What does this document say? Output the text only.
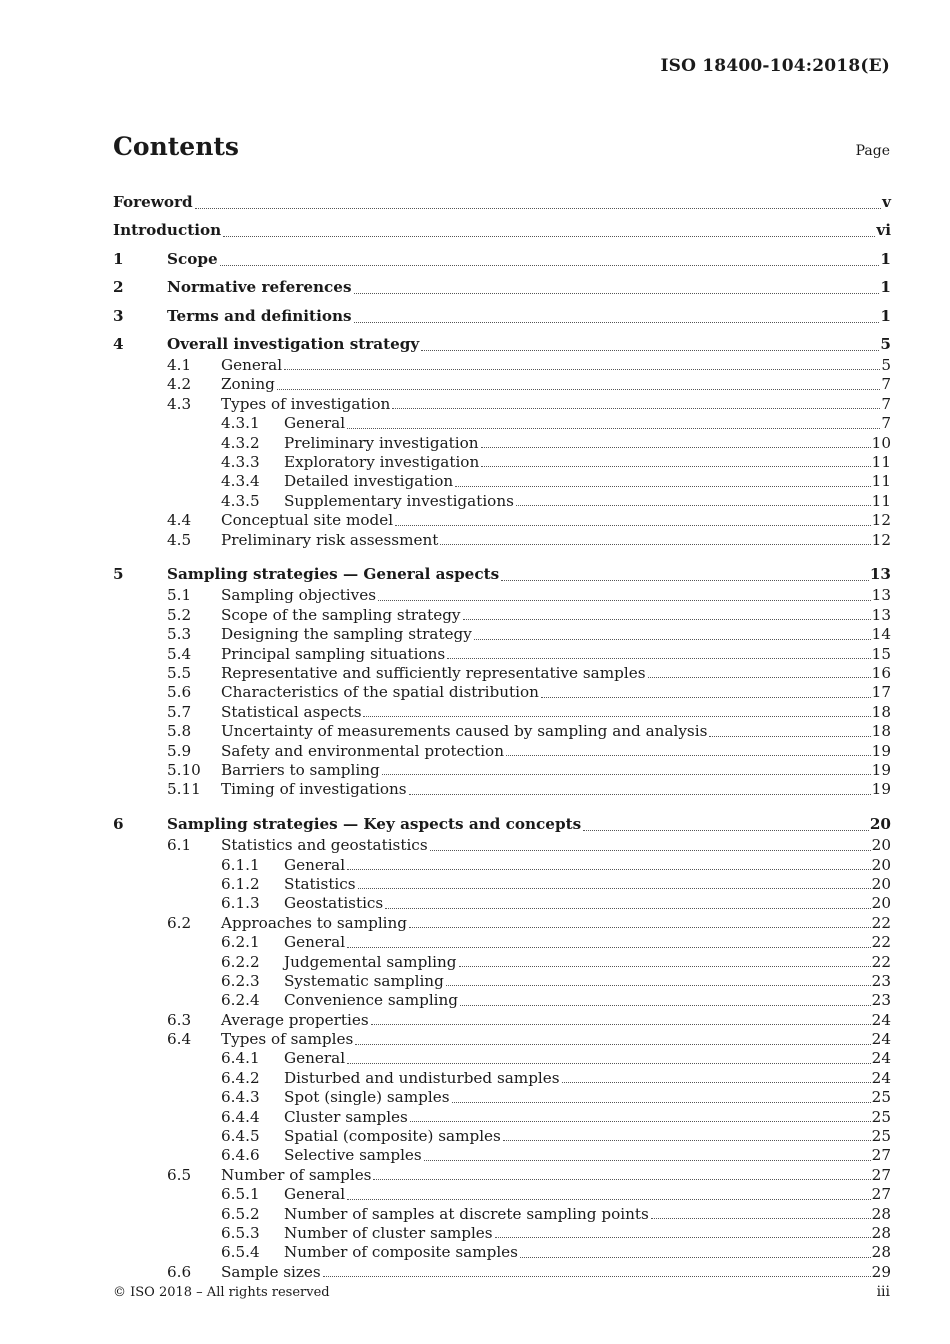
ISO 18400-104:2018(E)
Contents	Page
Foreword	v
Introduction	vi
1	Scope	1
2	Normative references	1
3	Terms and definitions	1
4	Overall investigation strategy	5
4.1	General	5
4.2	Zoning	7
4.3	Types of investigation	7
4.3.1	General	7
4.3.2	Preliminary investigation	10
4.3.3	Exploratory investigation	11
4.3.4	Detailed investigation	11
4.3.5	Supplementary investigations	11
4.4	Conceptual site model	12
4.5	Preliminary risk assessment	12
5	Sampling strategies — General aspects	13
5.1	Sampling objectives	13
5.2	Scope of the sampling strategy	13
5.3	Designing the sampling strategy	14
5.4	Principal sampling situations	15
5.5	Representative and sufficiently representative samples	16
5.6	Characteristics of the spatial distribution	17
5.7	Statistical aspects	18
5.8	Uncertainty of measurements caused by sampling and analysis	18
5.9	Safety and environmental protection	19
5.10	Barriers to sampling	19
5.11	Timing of investigations	19
6	Sampling strategies — Key aspects and concepts	20
6.1	Statistics and geostatistics	20
6.1.1	General	20
6.1.2	Statistics	20
6.1.3	Geostatistics	20
6.2	Approaches to sampling	22
6.2.1	General	22
6.2.2	Judgemental sampling	22
6.2.3	Systematic sampling	23
6.2.4	Convenience sampling	23
6.3	Average properties	24
6.4	Types of samples	24
6.4.1	General	24
6.4.2	Disturbed and undisturbed samples	24
6.4.3	Spot (single) samples	25
6.4.4	Cluster samples	25
6.4.5	Spatial (composite) samples	25
6.4.6	Selective samples	27
6.5	Number of samples	27
6.5.1	General	27
6.5.2	Number of samples at discrete sampling points	28
6.5.3	Number of cluster samples	28
6.5.4	Number of composite samples	28
6.6	Sample sizes	29
© ISO 2018 – All rights reserved	iii
